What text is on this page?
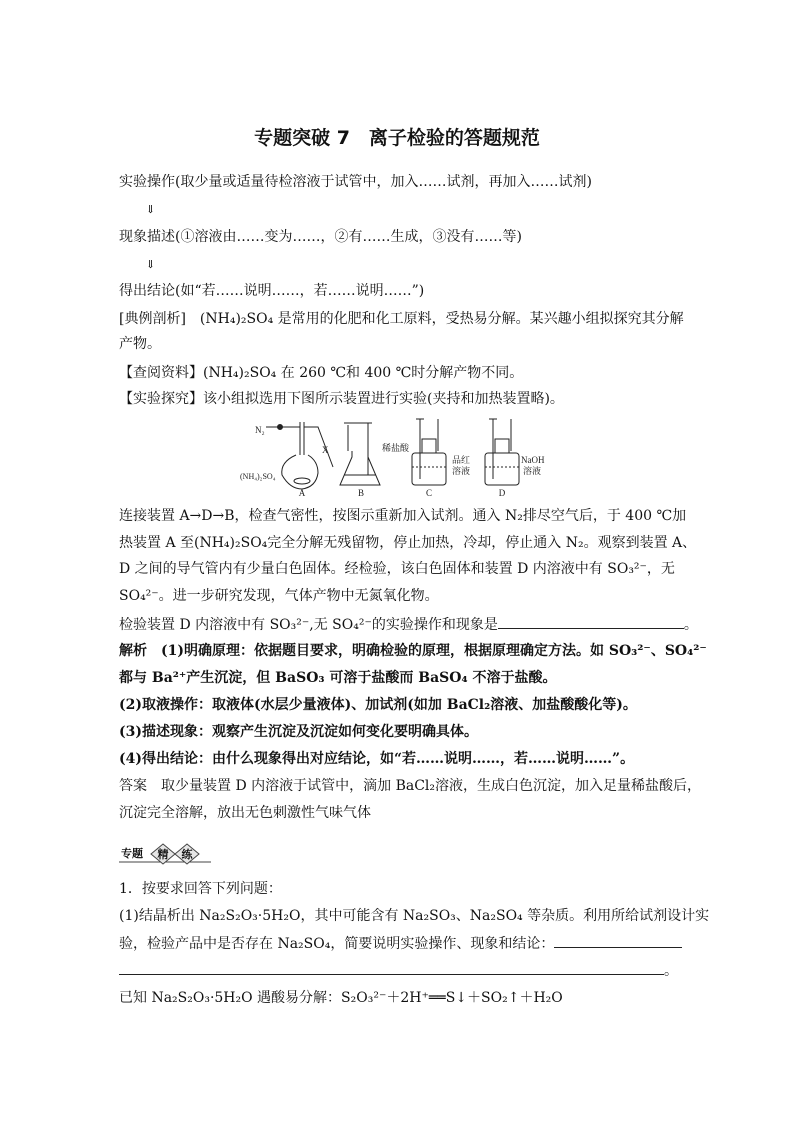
专题突破 7　离子检验的答题规范
实验操作(取少量或适量待检溶液于试管中，加入……试剂，再加入……试剂)
⇓
现象描述(①溶液由……变为……，②有……生成，③没有……等)
⇓
得出结论(如“若……说明……，若……说明……”)
[典例剖析]　(NH₄)₂SO₄ 是常用的化肥和化工原料，受热易分解。某兴趣小组拟探究其分解
产物。
【查阅资料】(NH₄)₂SO₄ 在 260 ℃和 400 ℃时分解产物不同。
【实验探究】该小组拟选用下图所示装置进行实验(夹持和加热装置略)。
N₂
X
(NH₄)₂SO₄
A
稀盐酸
B
品红
溶液
C
NaOH
溶液
D
连接装置 A→D→B，检查气密性，按图示重新加入试剂。通入 N₂排尽空气后，于 400 ℃加
热装置 A 至(NH₄)₂SO₄完全分解无残留物，停止加热，冷却，停止通入 N₂。观察到装置 A、
D 之间的导气管内有少量白色固体。经检验，该白色固体和装置 D 内溶液中有 SO₃²⁻，无
SO₄²⁻。进一步研究发现，气体产物中无氮氧化物。
检验装置 D 内溶液中有 SO₃²⁻,无 SO₄²⁻的实验操作和现象是	。
解析　(1)明确原理：依据题目要求，明确检验的原理，根据原理确定方法。如 SO₃²⁻、SO₄²⁻
都与 Ba²⁺产生沉淀，但 BaSO₃ 可溶于盐酸而 BaSO₄ 不溶于盐酸。
(2)取液操作：取液体(水层少量液体)、加试剂(如加 BaCl₂溶液、加盐酸酸化等)。
(3)描述现象：观察产生沉淀及沉淀如何变化要明确具体。
(4)得出结论：由什么现象得出对应结论，如“若……说明……，若……说明……”。
答案　取少量装置 D 内溶液于试管中，滴加 BaCl₂溶液，生成白色沉淀，加入足量稀盐酸后，
沉淀完全溶解，放出无色刺激性气味气体
专题 精 练
1．按要求回答下列问题：
(1)结晶析出 Na₂S₂O₃·5H₂O，其中可能含有 Na₂SO₃、Na₂SO₄ 等杂质。利用所给试剂设计实
验，检验产品中是否存在 Na₂SO₄，简要说明实验操作、现象和结论：
。
已知 Na₂S₂O₃·5H₂O 遇酸易分解：S₂O₃²⁻＋2H⁺══S↓＋SO₂↑＋H₂O
